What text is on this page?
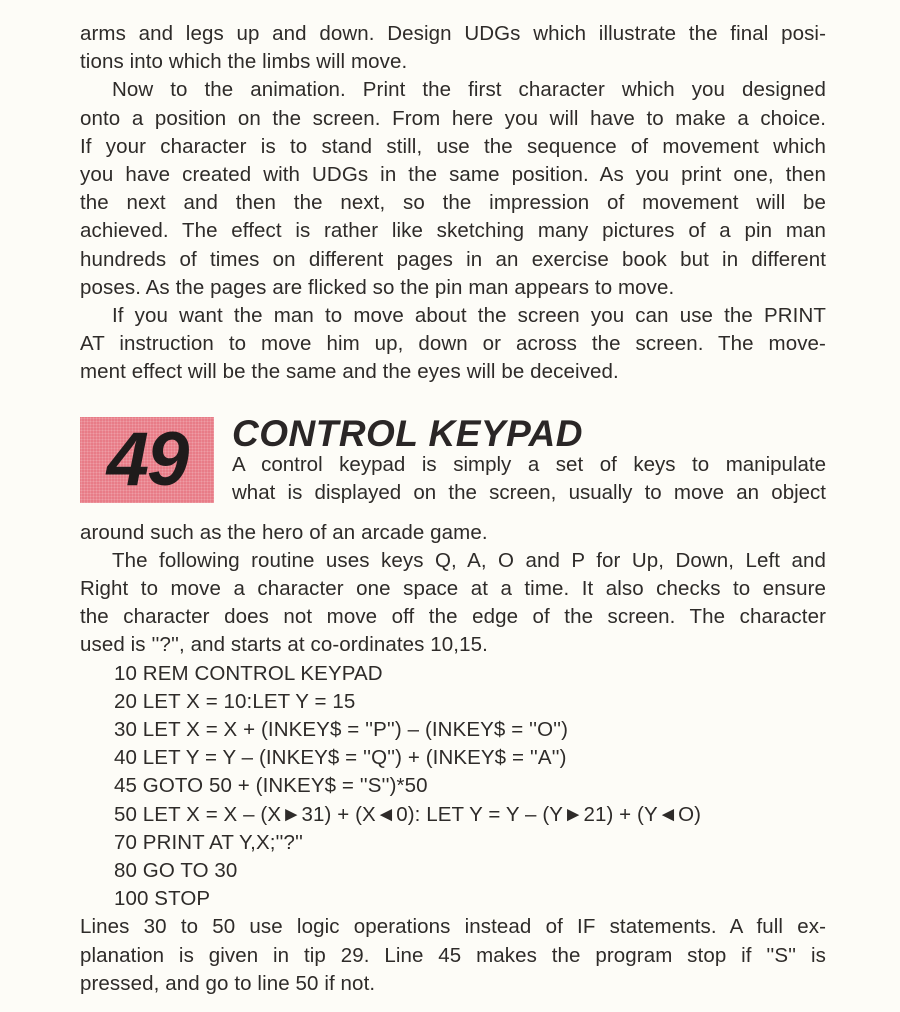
arms and legs up and down. Design UDGs which illustrate the final posi-
tions into which the limbs will move.

Now to the animation. Print the first character which you designed
onto a position on the screen. From here you will have to make a choice.
If your character is to stand still, use the sequence of movement which
you have created with UDGs in the same position. As you print one, then
the next and then the next, so the impression of movement will be
achieved. The effect is rather like sketching many pictures of a pin man
hundreds of times on different pages in an exercise book but in different
poses. As the pages are flicked so the pin man appears to move.

If you want the man to move about the screen you can use the PRINT
AT instruction to move him up, down or across the screen. The move-
ment effect will be the same and the eyes will be deceived.

49 CONTROL KEYPAD
A control keypad is simply a set of keys to manipulate
what is displayed on the screen, usually to move an object

around such as the hero of an arcade game.

The following routine uses keys Q, A, O and P for Up, Down, Left and
Right to move a character one space at a time. It also checks to ensure
the character does not move off the edge of the screen. The character
used is ''?'', and starts at co-ordinates 10,15.

10 REM CONTROL KEYPAD
20 LET X = 10:LET Y = 15
30 LET X = X + (INKEY$ = ''P'') – (INKEY$ = ''O'')
40 LET Y = Y – (INKEY$ = ''Q'') + (INKEY$ = ''A'')
45 GOTO 50 + (INKEY$ = ''S'')*50
50 LET X = X – (X►31) + (X◄0): LET Y = Y – (Y►21) + (Y◄O)
70 PRINT AT Y,X;''?''
80 GO TO 30
100 STOP

Lines 30 to 50 use logic operations instead of IF statements. A full ex-
planation is given in tip 29. Line 45 makes the program stop if ''S'' is
pressed, and go to line 50 if not.
